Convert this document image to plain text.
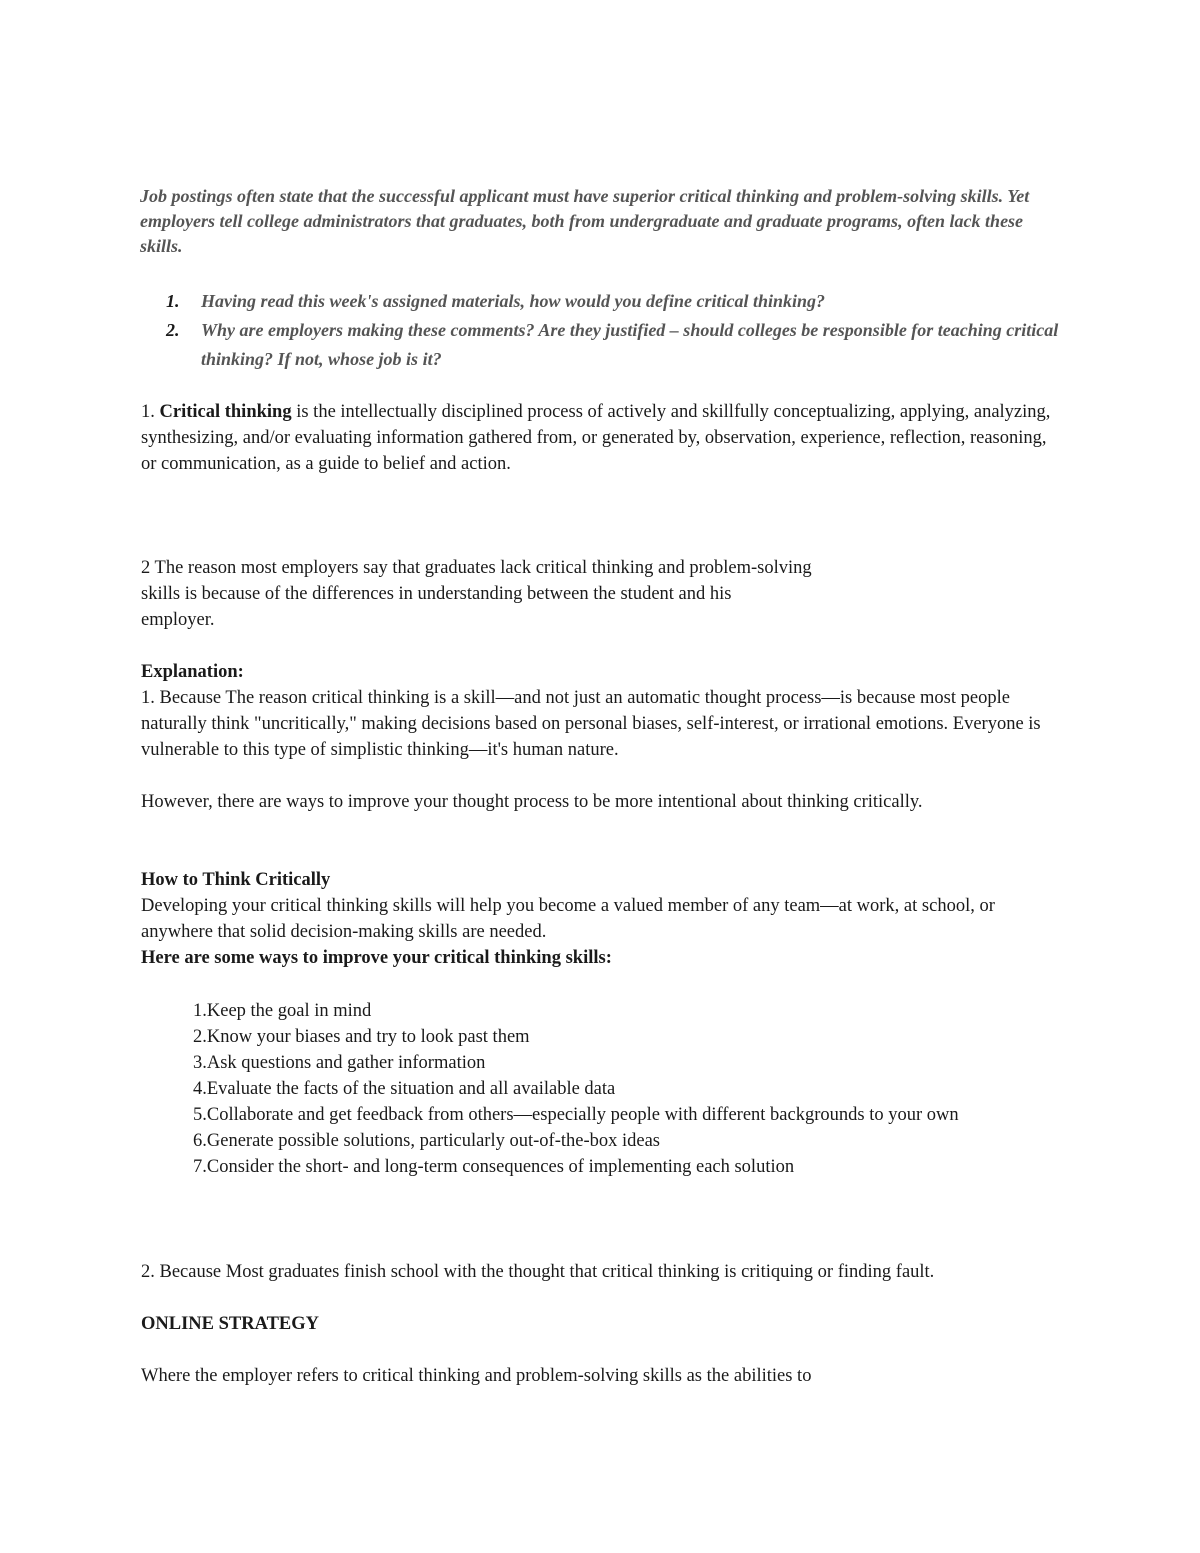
Job postings often state that the successful applicant must have superior critical thinking and problem-solving skills. Yet employers tell college administrators that graduates, both from undergraduate and graduate programs, often lack these skills.

1. Having read this week's assigned materials, how would you define critical thinking?
2. Why are employers making these comments? Are they justified – should colleges be responsible for teaching critical thinking? If not, whose job is it?

1. Critical thinking is the intellectually disciplined process of actively and skillfully conceptualizing, applying, analyzing, synthesizing, and/or evaluating information gathered from, or generated by, observation, experience, reflection, reasoning, or communication, as a guide to belief and action.

2 The reason most employers say that graduates lack critical thinking and problem-solving
skills is because of the differences in understanding between the student and his
employer.

Explanation:

1. Because The reason critical thinking is a skill—and not just an automatic thought process—is because most people naturally think "uncritically," making decisions based on personal biases, self-interest, or irrational emotions. Everyone is vulnerable to this type of simplistic thinking—it's human nature.

However, there are ways to improve your thought process to be more intentional about thinking critically.

How to Think Critically

Developing your critical thinking skills will help you become a valued member of any team—at work, at school, or anywhere that solid decision-making skills are needed.

Here are some ways to improve your critical thinking skills:

1.Keep the goal in mind
2.Know your biases and try to look past them
3.Ask questions and gather information
4.Evaluate the facts of the situation and all available data
5.Collaborate and get feedback from others—especially people with different backgrounds to your own
6.Generate possible solutions, particularly out-of-the-box ideas
7.Consider the short- and long-term consequences of implementing each solution

2. Because Most graduates finish school with the thought that critical thinking is critiquing or finding fault.

ONLINE STRATEGY

Where the employer refers to critical thinking and problem-solving skills as the abilities to
